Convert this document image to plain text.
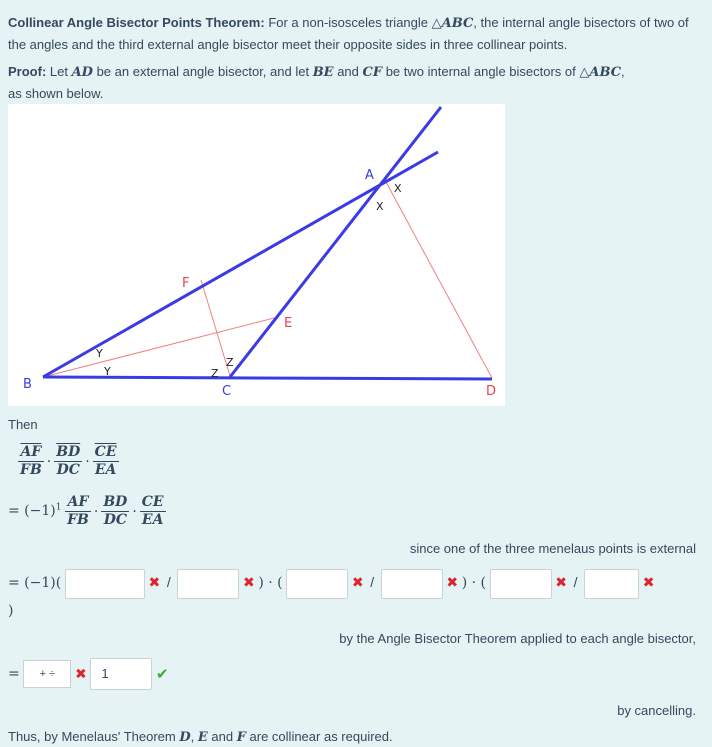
Collinear Angle Bisector Points Theorem: For a non-isosceles triangle △ABC, the internal angle bisectors of two of the angles and the third external angle bisector meet their opposite sides in three collinear points.

Proof: Let AD be an external angle bisector, and let BE and CF be two internal angle bisectors of △ABC,
as shown below.

A
B	C	D
E
F
X
X
Y
Y	Z
Z
Then
$\frac{\overline{AF}}{FB} \cdot \frac{\overline{BD}}{DC} \cdot \frac{\overline{CE}}{EA}$
= $(-1)^1 \frac{AF}{FB} \cdot \frac{BD}{DC} \cdot \frac{CE}{EA}$
since one of the three menelaus points is external
= (−1)(	✖ /	✖ ) · (	✖ /	✖ ) · (	✖ /	✖
)
by the Angle Bisector Theorem applied to each angle bisector,
= + ÷ ✖ 1	✔
by cancelling.

Thus, by Menelaus' Theorem D, E and F are collinear as required.
